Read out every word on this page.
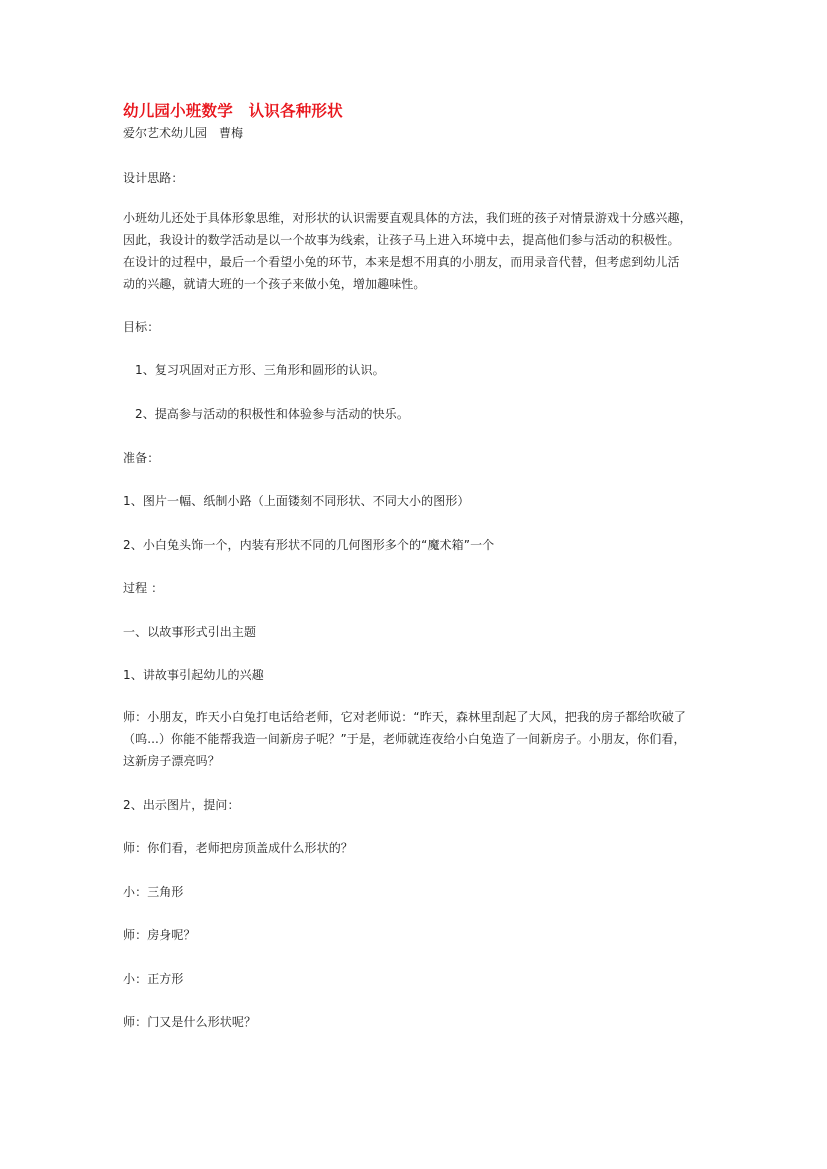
幼儿园小班数学　认识各种形状

爱尔艺术幼儿园　曹梅

设计思路：

小班幼儿还处于具体形象思维，对形状的认识需要直观具体的方法，我们班的孩子对情景游戏十分感兴趣，
因此，我设计的数学活动是以一个故事为线索，让孩子马上进入环境中去，提高他们参与活动的积极性。
在设计的过程中，最后一个看望小兔的环节，本来是想不用真的小朋友，而用录音代替，但考虑到幼儿活
动的兴趣，就请大班的一个孩子来做小兔，增加趣味性。

目标：

1、复习巩固对正方形、三角形和圆形的认识。

2、提高参与活动的积极性和体验参与活动的快乐。

准备：

1、图片一幅、纸制小路（上面镂刻不同形状、不同大小的图形）

2、小白兔头饰一个，内装有形状不同的几何图形多个的“魔术箱”一个

过程 ：

一、以故事形式引出主题

1、讲故事引起幼儿的兴趣

师：小朋友，昨天小白兔打电话给老师，它对老师说：“昨天，森林里刮起了大风，把我的房子都给吹破了
（呜...）你能不能帮我造一间新房子呢？”于是，老师就连夜给小白兔造了一间新房子。小朋友，你们看，
这新房子漂亮吗？

2、出示图片，提问：

师：你们看，老师把房顶盖成什么形状的？

小：三角形

师：房身呢？

小：正方形

师：门又是什么形状呢？
